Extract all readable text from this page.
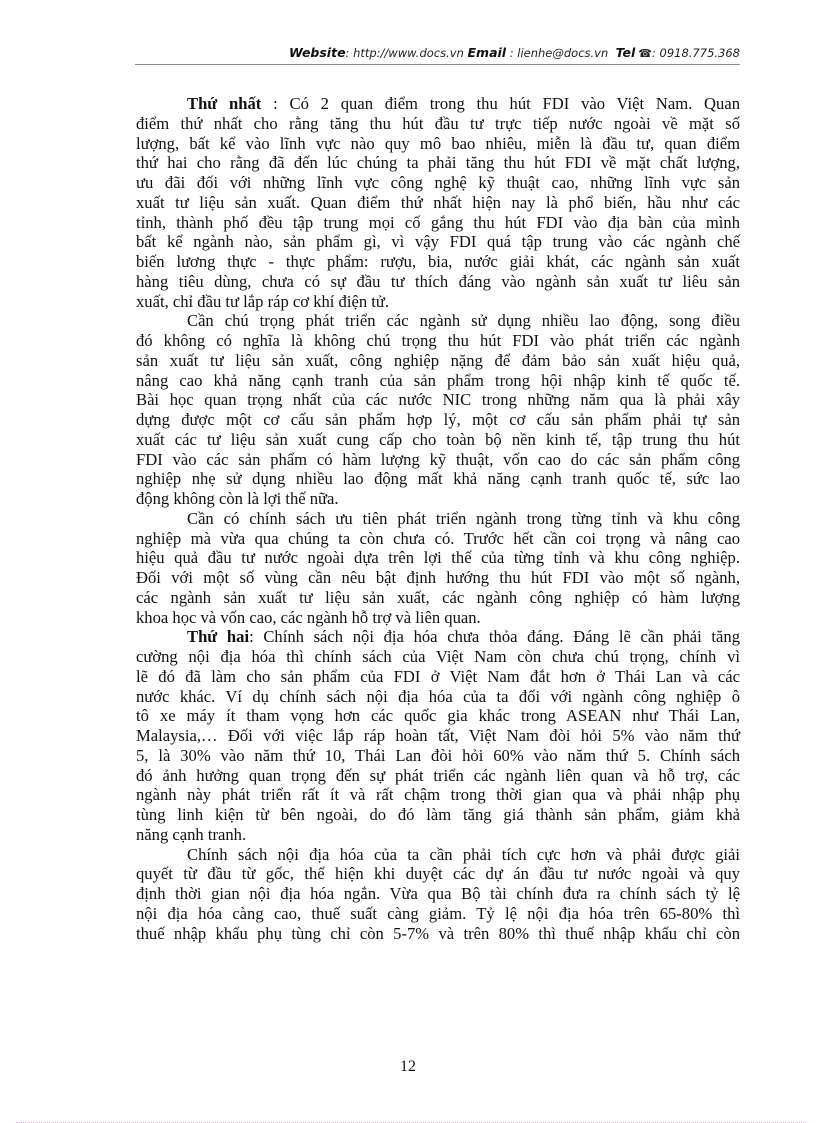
Website: http://www.docs.vn Email : lienhe@docs.vn Tel ☎: 0918.775.368
Thứ nhất : Có 2 quan điểm trong thu hút FDI vào Việt Nam. Quan
điểm thứ nhất cho rằng tăng thu hút đầu tư trực tiếp nước ngoài về mặt số
lượng, bất kể vào lĩnh vực nào quy mô bao nhiêu, miễn là đầu tư, quan điểm
thứ hai cho rằng đã đến lúc chúng ta phải tăng thu hút FDI về mặt chất lượng,
ưu đãi đối với những lĩnh vực công nghệ kỹ thuật cao, những lĩnh vực sản
xuất tư liệu sản xuất. Quan điểm thứ nhất hiện nay là phổ biến, hầu như các
tỉnh, thành phố đều tập trung mọi cố gắng thu hút FDI vào địa bàn của mình
bất kể ngành nào, sản phẩm gì, vì vậy FDI quá tập trung vào các ngành chế
biến lương thực - thực phẩm: rượu, bia, nước giải khát, các ngành sản xuất
hàng tiêu dùng, chưa có sự đầu tư thích đáng vào ngành sản xuất tư liêu sản
xuất, chỉ đầu tư lắp ráp cơ khí điện tử.
Cần chú trọng phát triển các ngành sử dụng nhiều lao động, song điều
đó không có nghĩa là không chú trọng thu hút FDI vào phát triển các ngành
sản xuất tư liệu sản xuất, công nghiệp nặng để đảm bảo sản xuất hiệu quả,
nâng cao khả năng cạnh tranh của sản phẩm trong hội nhập kinh tế quốc tế.
Bài học quan trọng nhất của các nước NIC trong những năm qua là phải xây
dựng được một cơ cấu sản phẩm hợp lý, một cơ cấu sản phẩm phải tự sản
xuất các tư liệu sản xuất cung cấp cho toàn bộ nền kinh tế, tập trung thu hút
FDI vào các sản phẩm có hàm lượng kỹ thuật, vốn cao do các sản phẩm công
nghiệp nhẹ sử dụng nhiều lao động mất khả năng cạnh tranh quốc tế, sức lao
động không còn là lợi thế nữa.
Cần có chính sách ưu tiên phát triển ngành trong từng tỉnh và khu công
nghiệp mà vừa qua chúng ta còn chưa có. Trước hết cần coi trọng và nâng cao
hiệu quả đầu tư nước ngoài dựa trên lợi thế của từng tỉnh và khu công nghiệp.
Đối với một số vùng cần nêu bật định hướng thu hút FDI vào một số ngành,
các ngành sản xuất tư liệu sản xuất, các ngành công nghiệp có hàm lượng
khoa học và vốn cao, các ngành hỗ trợ và liên quan.
Thứ hai: Chính sách nội địa hóa chưa thỏa đáng. Đáng lẽ cần phải tăng
cường nội địa hóa thì chính sách của Việt Nam còn chưa chú trọng, chính vì
lẽ đó đã làm cho sản phẩm của FDI ở Việt Nam đắt hơn ở Thái Lan và các
nước khác. Ví dụ chính sách nội địa hóa của ta đối với ngành công nghiệp ô
tô xe máy ít tham vọng hơn các quốc gia khác trong ASEAN như Thái Lan,
Malaysia,… Đối với việc lắp ráp hoàn tất, Việt Nam đòi hỏi 5% vào năm thứ
5, là 30% vào năm thứ 10, Thái Lan đòi hỏi 60% vào năm thứ 5. Chính sách
đó ảnh hưởng quan trọng đến sự phát triển các ngành liên quan và hỗ trợ, các
ngành này phát triển rất ít và rất chậm trong thời gian qua và phải nhập phụ
tùng linh kiện từ bên ngoài, do đó làm tăng giá thành sản phẩm, giảm khả
năng cạnh tranh.
Chính sách nội địa hóa của ta cần phải tích cực hơn và phải được giải
quyết từ đầu từ gốc, thể hiện khi duyệt các dự án đầu tư nước ngoài và quy
định thời gian nội địa hóa ngắn. Vừa qua Bộ tài chính đưa ra chính sách tỷ lệ
nội địa hóa càng cao, thuế suất càng giảm. Tỷ lệ nội địa hóa trên 65-80% thì
thuế nhập khẩu phụ tùng chỉ còn 5-7% và trên 80% thì thuế nhập khẩu chỉ còn
12
